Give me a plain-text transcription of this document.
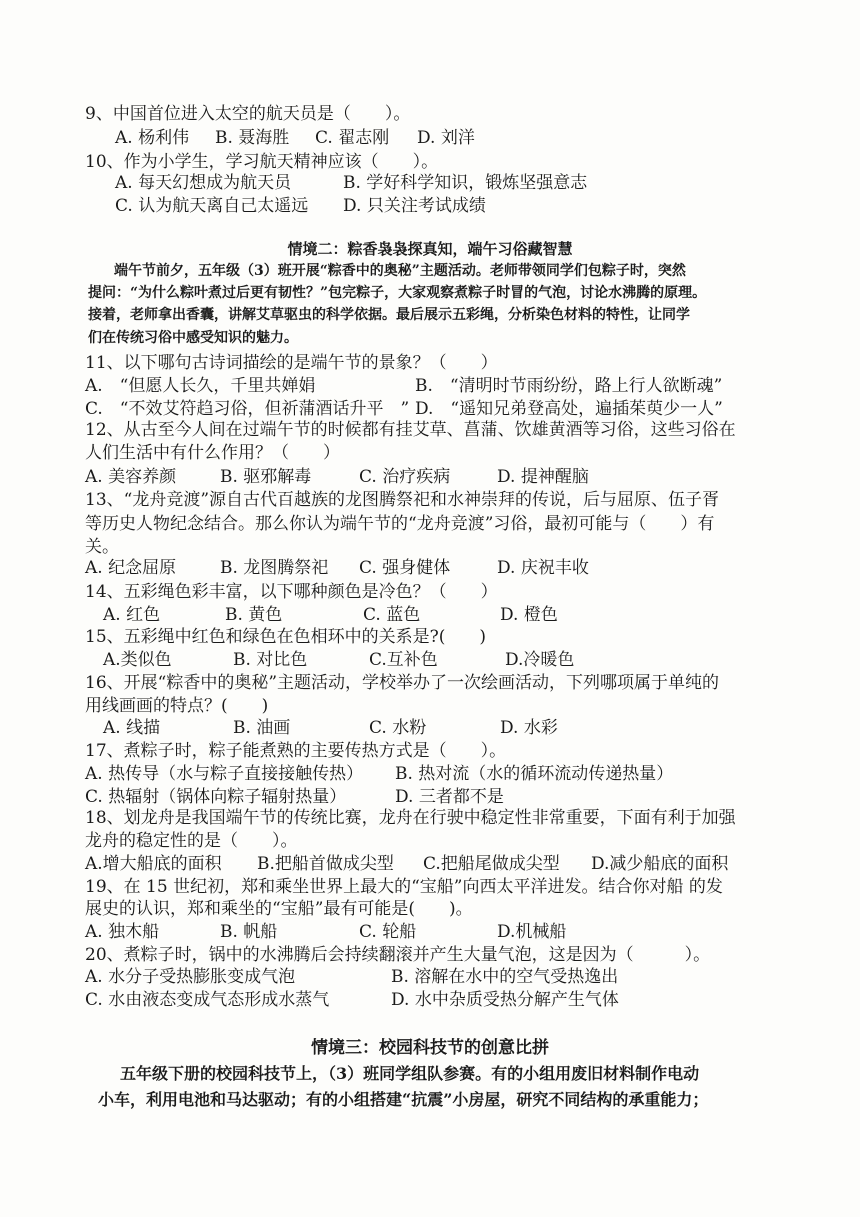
9、中国首位进入太空的航天员是（　　）。
A. 杨利伟 B. 聂海胜 C. 翟志刚 D. 刘洋
10、作为小学生，学习航天精神应该（　　）。
A. 每天幻想成为航天员	B. 学好科学知识，锻炼坚强意志
C. 认为航天离自己太遥远 D. 只关注考试成绩
情境二：粽香袅袅探真知，端午习俗藏智慧
端午节前夕，五年级（3）班开展“粽香中的奥秘”主题活动。老师带领同学们包粽子时，突然
提问：“为什么粽叶煮过后更有韧性？”包完粽子，大家观察煮粽子时冒的气泡，讨论水沸腾的原理。
接着，老师拿出香囊，讲解艾草驱虫的科学依据。最后展示五彩绳，分析染色材料的特性，让同学
们在传统习俗中感受知识的魅力。
11、以下哪句古诗词描绘的是端午节的景象？（　　）
A.　“但愿人长久，千里共婵娟	B.　“清明时节雨纷纷，路上行人欲断魂”
C.　“不效艾符趋习俗，但祈蒲酒话升平　” D.　“遥知兄弟登高处，遍插茱萸少一人”
12、从古至今人间在过端午节的时候都有挂艾草、菖蒲、饮雄黄酒等习俗，这些习俗在
人们生活中有什么作用？（　　）
A. 美容养颜	B. 驱邪解毒	C. 治疗疾病	D. 提神醒脑
13、“龙舟竞渡”源自古代百越族的龙图腾祭祀和水神崇拜的传说，后与屈原、伍子胥
等历史人物纪念结合。那么你认为端午节的“龙舟竞渡”习俗，最初可能与（　　）有
关。
A. 纪念屈原	B. 龙图腾祭祀 C. 强身健体	D. 庆祝丰收
14、五彩绳色彩丰富，以下哪种颜色是冷色？（　　）
A. 红色	B. 黄色	C. 蓝色	D. 橙色
15、五彩绳中红色和绿色在色相环中的关系是?(　　)
A.类似色	B. 对比色	C.互补色	D.冷暖色
16、开展“粽香中的奥秘”主题活动，学校举办了一次绘画活动，下列哪项属于单纯的
用线画画的特点？(　　)
A. 线描	B. 油画	C. 水粉	D. 水彩
17、煮粽子时，粽子能煮熟的主要传热方式是（　　）。
A. 热传导（水与粽子直接接触传热） B. 热对流（水的循环流动传递热量）
C. 热辐射（锅体向粽子辐射热量）	D. 三者都不是
18、划龙舟是我国端午节的传统比赛，龙舟在行驶中稳定性非常重要，下面有利于加强
龙舟的稳定性的是（　　）。
A.增大船底的面积 B.把船首做成尖型 C.把船尾做成尖型 D.减少船底的面积
19、在 15 世纪初，郑和乘坐世界上最大的“宝船”向西太平洋进发。结合你对船 的发
展史的认识，郑和乘坐的“宝船”最有可能是(　　)。
A. 独木船	B. 帆船	C. 轮船	D.机械船
20、煮粽子时，锅中的水沸腾后会持续翻滚并产生大量气泡，这是因为（　　　）。
A. 水分子受热膨胀变成气泡	B. 溶解在水中的空气受热逸出
C. 水由液态变成气态形成水蒸气	D. 水中杂质受热分解产生气体
情境三：校园科技节的创意比拼
五年级下册的校园科技节上，（3）班同学组队参赛。有的小组用废旧材料制作电动
小车，利用电池和马达驱动；有的小组搭建“抗震”小房屋，研究不同结构的承重能力；
